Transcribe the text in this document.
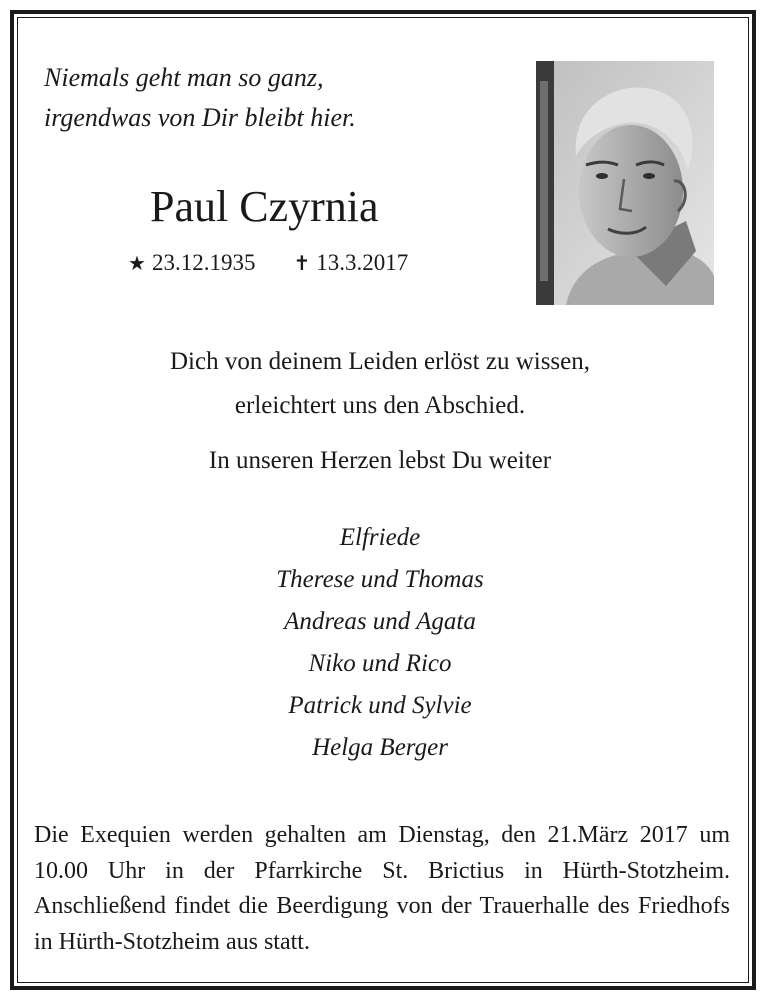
Niemals geht man so ganz,
irgendwas von Dir bleibt hier.
Paul Czyrnia
★ 23.12.1935 ✝ 13.3.2017
Dich von deinem Leiden erlöst zu wissen,
erleichtert uns den Abschied.
In unseren Herzen lebst Du weiter
Elfriede
Therese und Thomas
Andreas und Agata
Niko und Rico
Patrick und Sylvie
Helga Berger
Die Exequien werden gehalten am Dienstag, den 21.März 2017 um 10.00 Uhr in der Pfarrkirche St. Brictius in Hürth-Stotzheim. Anschließend findet die Beerdigung von der Trauerhalle des Friedhofs in Hürth-Stotzheim aus statt.
